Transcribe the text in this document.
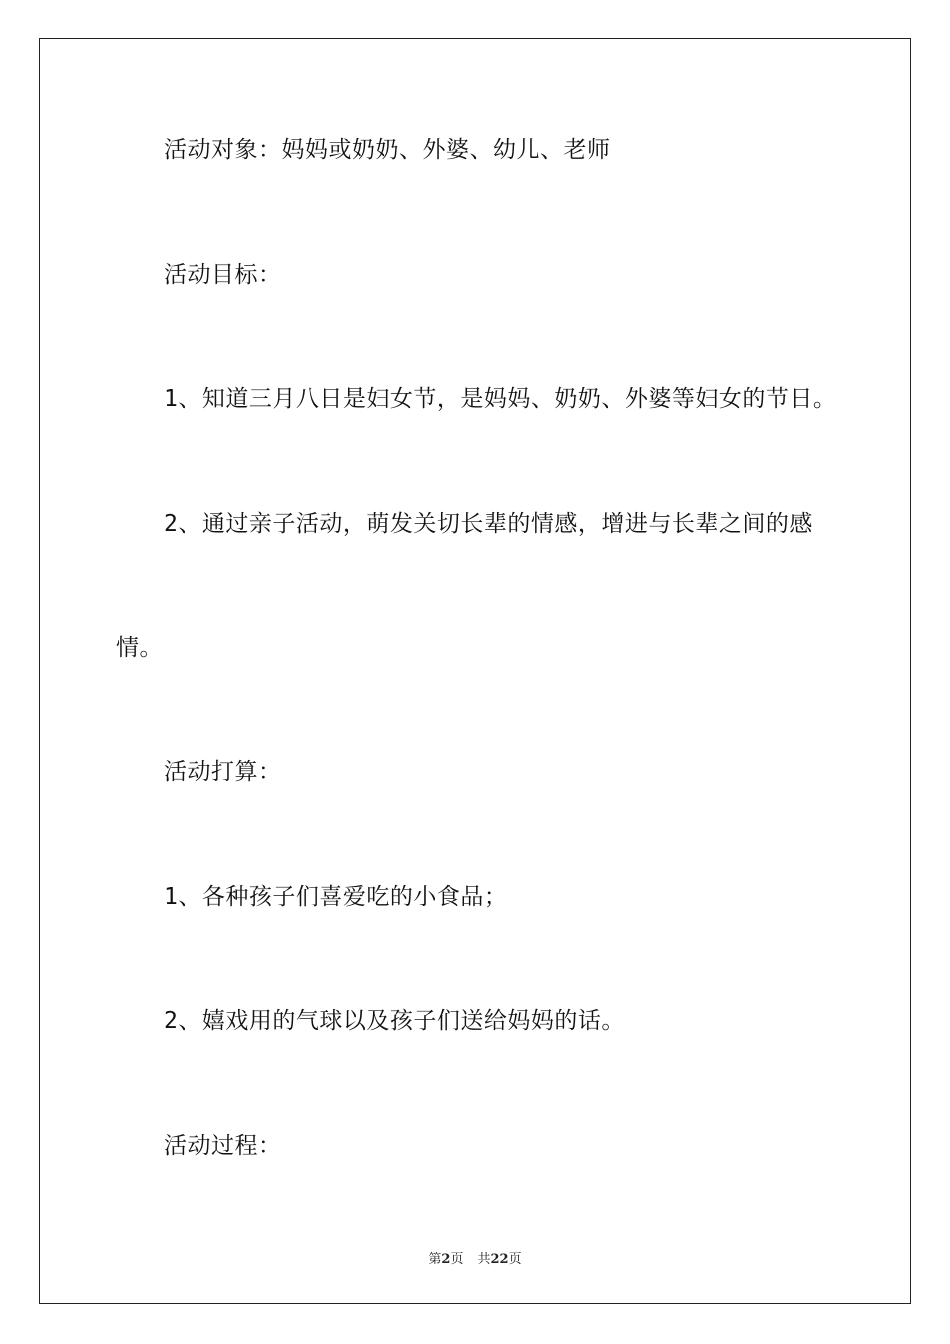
活动对象：妈妈或奶奶、外婆、幼儿、老师
活动目标：
1、知道三月八日是妇女节，是妈妈、奶奶、外婆等妇女的节日。
2、通过亲子活动，萌发关切长辈的情感，增进与长辈之间的感
情。
活动打算：
1、各种孩子们喜爱吃的小食品；
2、嬉戏用的气球以及孩子们送给妈妈的话。
活动过程：
第2页 共22页
